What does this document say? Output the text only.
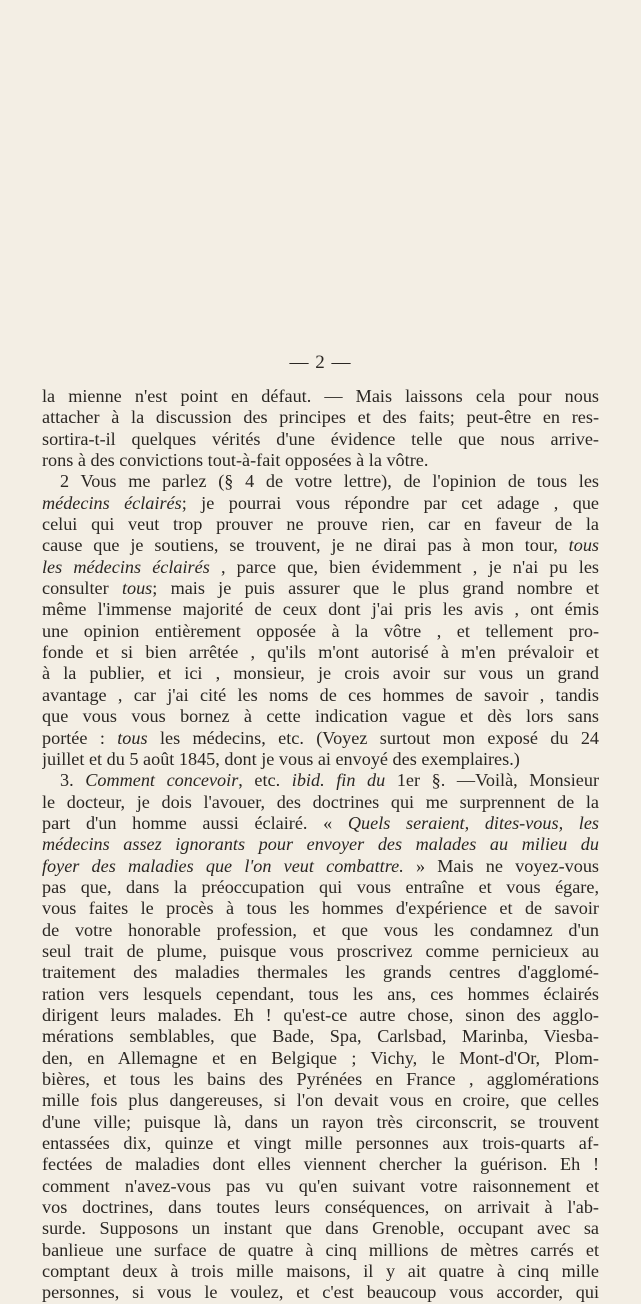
— 2 —
la mienne n'est point en défaut. — Mais laissons cela pour nous
attacher à la discussion des principes et des faits; peut-être en res-
sortira-t-il quelques vérités d'une évidence telle que nous arrive-
rons à des convictions tout-à-fait opposées à la vôtre.
2 Vous me parlez (§ 4 de votre lettre), de l'opinion de tous les
médecins éclairés; je pourrai vous répondre par cet adage , que
celui qui veut trop prouver ne prouve rien, car en faveur de la
cause que je soutiens, se trouvent, je ne dirai pas à mon tour, tous
les médecins éclairés , parce que, bien évidemment , je n'ai pu les
consulter tous; mais je puis assurer que le plus grand nombre et
même l'immense majorité de ceux dont j'ai pris les avis , ont émis
une opinion entièrement opposée à la vôtre , et tellement pro-
fonde et si bien arrêtée , qu'ils m'ont autorisé à m'en prévaloir et
à la publier, et ici , monsieur, je crois avoir sur vous un grand
avantage , car j'ai cité les noms de ces hommes de savoir , tandis
que vous vous bornez à cette indication vague et dès lors sans
portée : tous les médecins, etc. (Voyez surtout mon exposé du 24
juillet et du 5 août 1845, dont je vous ai envoyé des exemplaires.)
3. Comment concevoir, etc. ibid. fin du 1er §. —Voilà, Monsieur
le docteur, je dois l'avouer, des doctrines qui me surprennent de la
part d'un homme aussi éclairé. « Quels seraient, dites-vous, les
médecins assez ignorants pour envoyer des malades au milieu du
foyer des maladies que l'on veut combattre. » Mais ne voyez-vous
pas que, dans la préoccupation qui vous entraîne et vous égare,
vous faites le procès à tous les hommes d'expérience et de savoir
de votre honorable profession, et que vous les condamnez d'un
seul trait de plume, puisque vous proscrivez comme pernicieux au
traitement des maladies thermales les grands centres d'agglomé-
ration vers lesquels cependant, tous les ans, ces hommes éclairés
dirigent leurs malades. Eh ! qu'est-ce autre chose, sinon des agglo-
mérations semblables, que Bade, Spa, Carlsbad, Marinba, Viesba-
den, en Allemagne et en Belgique ; Vichy, le Mont-d'Or, Plom-
bières, et tous les bains des Pyrénées en France , agglomérations
mille fois plus dangereuses, si l'on devait vous en croire, que celles
d'une ville; puisque là, dans un rayon très circonscrit, se trouvent
entassées dix, quinze et vingt mille personnes aux trois-quarts af-
fectées de maladies dont elles viennent chercher la guérison. Eh !
comment n'avez-vous pas vu qu'en suivant votre raisonnement et
vos doctrines, dans toutes leurs conséquences, on arrivait à l'ab-
surde. Supposons un instant que dans Grenoble, occupant avec sa
banlieue une surface de quatre à cinq millions de mètres carrés et
comptant deux à trois mille maisons, il y ait quatre à cinq mille
personnes, si vous le voulez, et c'est beaucoup vous accorder, qui
